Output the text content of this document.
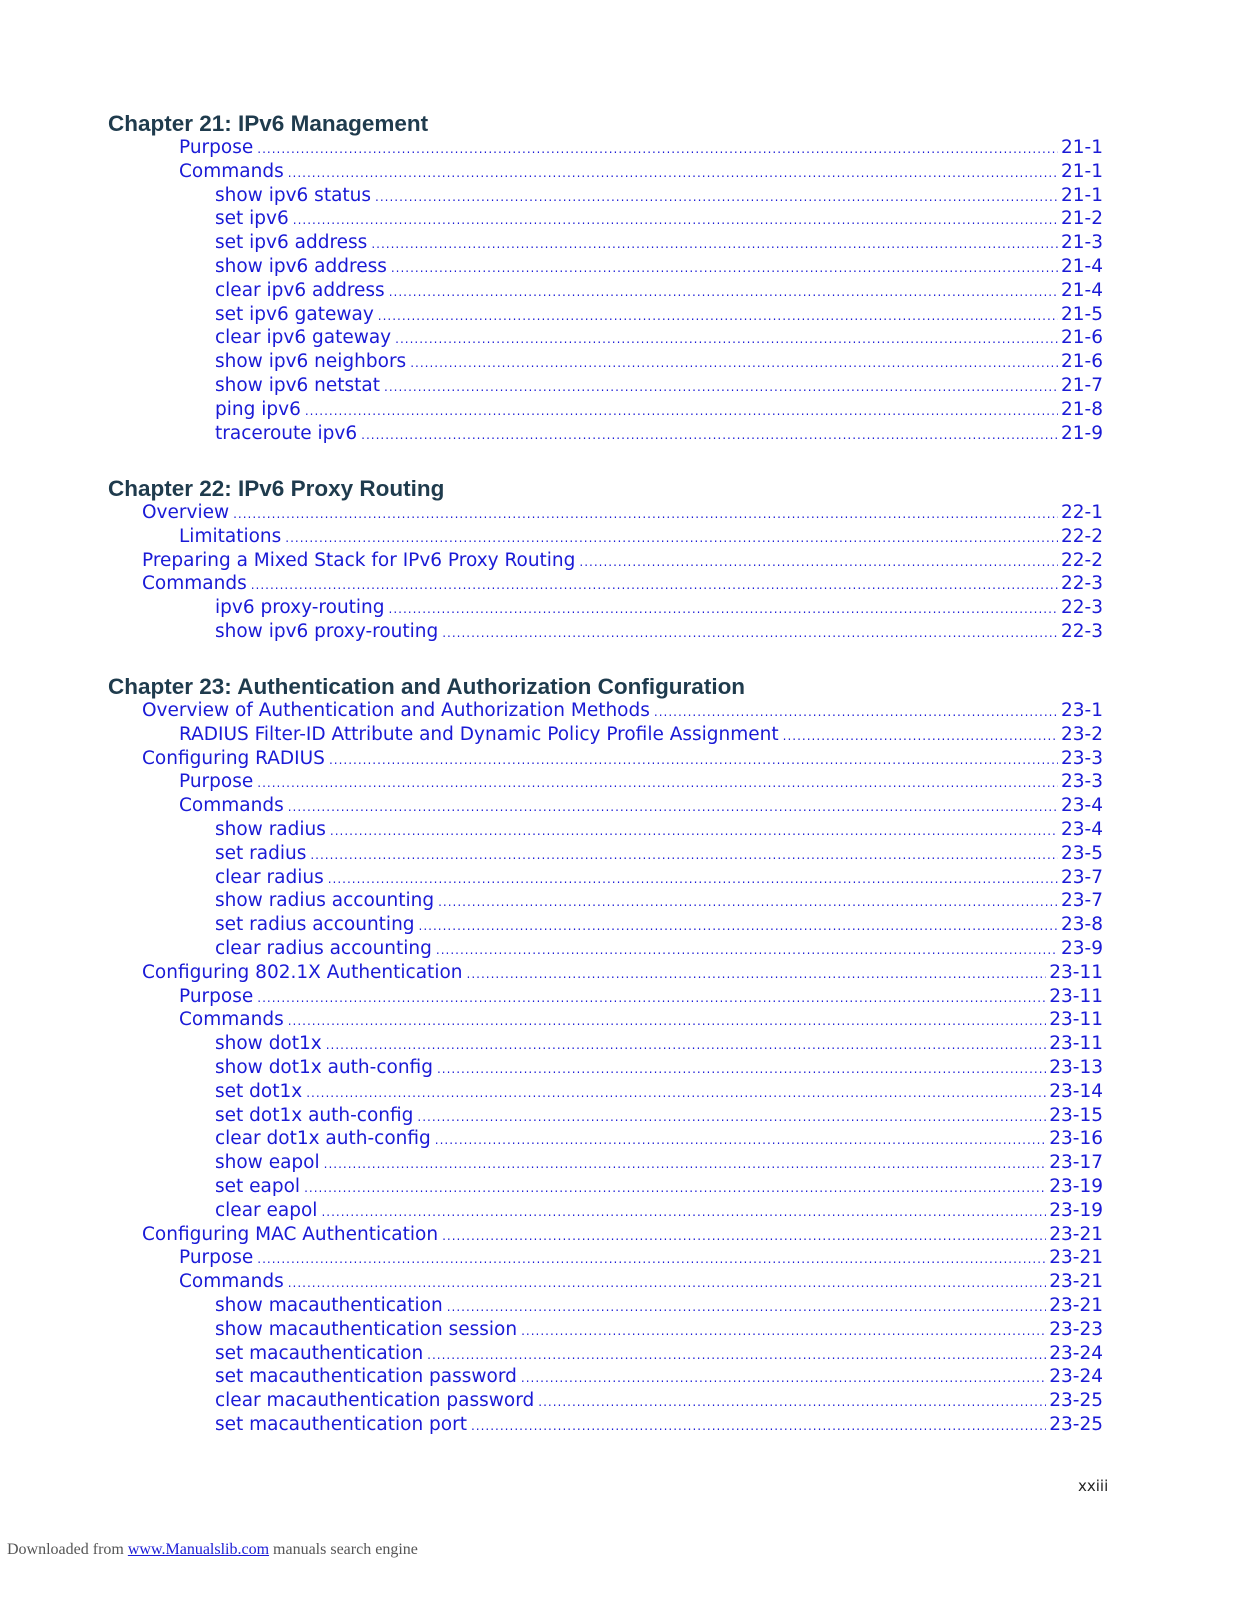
Chapter 21: IPv6 Management
Purpose .....	21-1
Commands .....	21-1
show ipv6 status .....	21-1
set ipv6 .....	21-2
set ipv6 address .....	21-3
show ipv6 address .....	21-4
clear ipv6 address .....	21-4
set ipv6 gateway .....	21-5
clear ipv6 gateway .....	21-6
show ipv6 neighbors .....	21-6
show ipv6 netstat .....	21-7
ping ipv6 .....	21-8
traceroute ipv6 .....	21-9
Chapter 22: IPv6 Proxy Routing
Overview .....	22-1
Limitations .....	22-2
Preparing a Mixed Stack for IPv6 Proxy Routing .....	22-2
Commands .....	22-3
ipv6 proxy-routing .....	22-3
show ipv6 proxy-routing .....	22-3
Chapter 23: Authentication and Authorization Configuration
Overview of Authentication and Authorization Methods .....	23-1
RADIUS Filter-ID Attribute and Dynamic Policy Profile Assignment .....	23-2
Configuring RADIUS .....	23-3
Purpose .....	23-3
Commands .....	23-4
show radius .....	23-4
set radius .....	23-5
clear radius .....	23-7
show radius accounting .....	23-7
set radius accounting .....	23-8
clear radius accounting .....	23-9
Configuring 802.1X Authentication .....	23-11
Purpose .....	23-11
Commands .....	23-11
show dot1x .....	23-11
show dot1x auth-config .....	23-13
set dot1x .....	23-14
set dot1x auth-config .....	23-15
clear dot1x auth-config .....	23-16
show eapol .....	23-17
set eapol .....	23-19
clear eapol .....	23-19
Configuring MAC Authentication .....	23-21
Purpose .....	23-21
Commands .....	23-21
show macauthentication .....	23-21
show macauthentication session .....	23-23
set macauthentication .....	23-24
set macauthentication password .....	23-24
clear macauthentication password .....	23-25
set macauthentication port .....	23-25
xxiii
Downloaded from www.Manualslib.com manuals search engine
